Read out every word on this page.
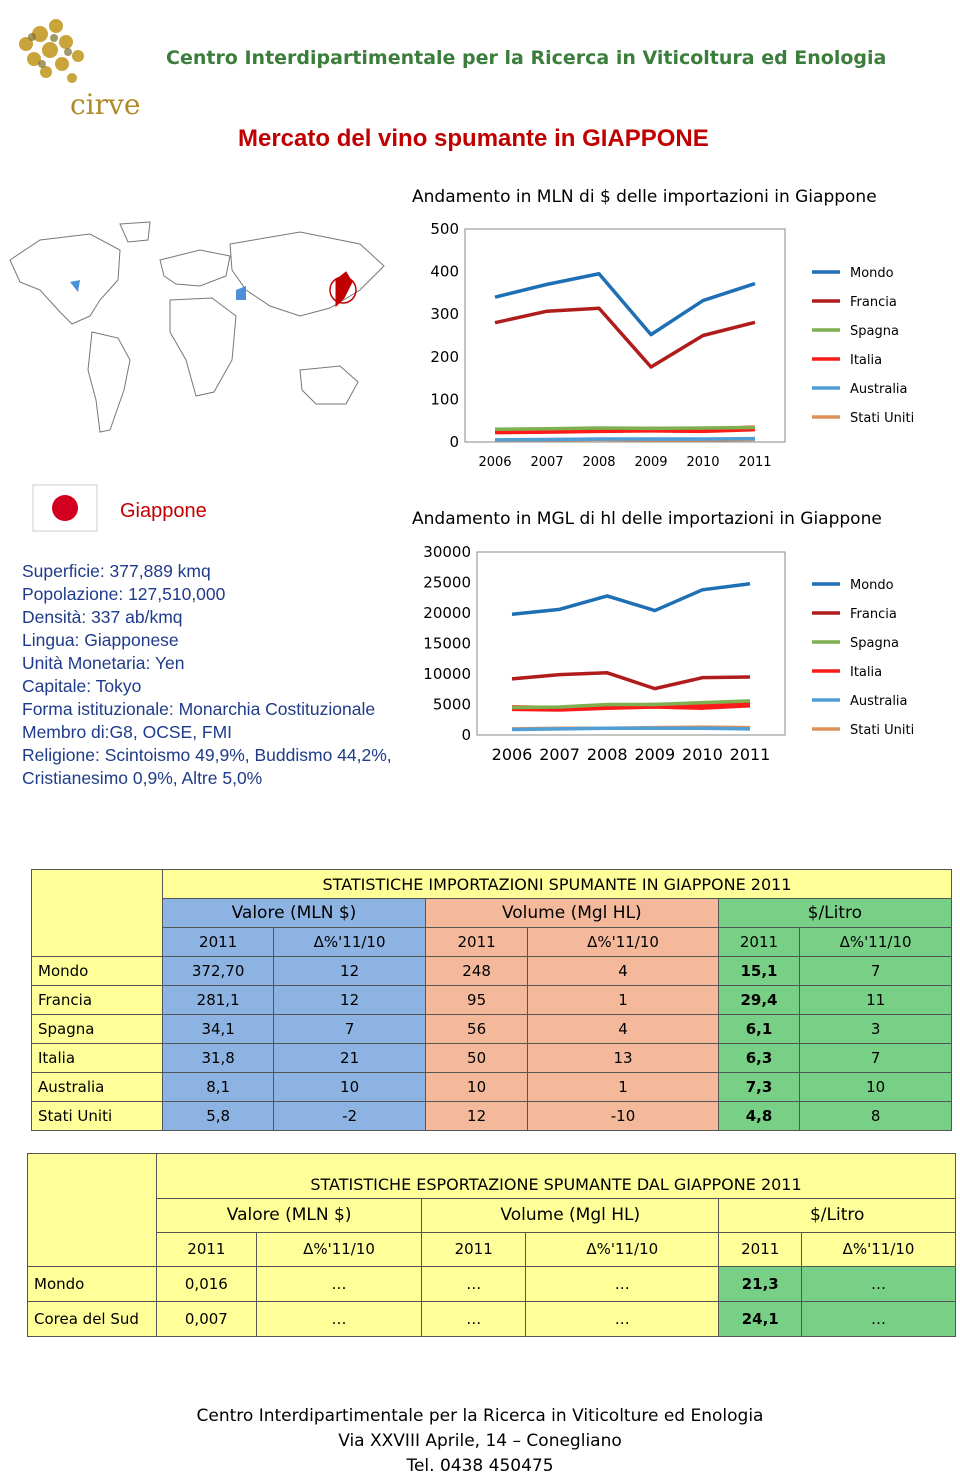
cirve
Centro Interdipartimentale per la Ricerca in Viticoltura ed Enologia
Mercato del vino spumante in GIAPPONE
Andamento in MLN di $ delle importazioni in Giappone
0
100
200
300
400
500
2006 2007 2008 2009 2010 2011
Mondo
Francia
Spagna
Italia
Australia
Stati Uniti
Giappone
Superficie: 377,889 kmq
Popolazione: 127,510,000
Densità: 337 ab/kmq
Lingua: Giapponese
Unità Monetaria: Yen
Capitale: Tokyo
Forma istituzionale: Monarchia Costituzionale
Membro di:G8, OCSE, FMI
Religione: Scintoismo 49,9%, Buddismo 44,2%, Cristianesimo 0,9%, Altre 5,0%
Andamento in MGL di hl delle importazioni in Giappone
0
5000
10000
15000
20000
25000
30000
2006 2007 2008 2009 2010 2011
Mondo
Francia
Spagna
Italia
Australia
Stati Uniti
	STATISTICHE IMPORTAZIONI SPUMANTE IN GIAPPONE 2011					
	Valore (MLN $)		Volume (Mgl HL)		$/Litro	
	2011	Δ%'11/10	2011	Δ%'11/10	2011	Δ%'11/10
Mondo	372,70	12	248	4	15,1	7
Francia	281,1	12	95	1	29,4	11
Spagna	34,1	7	56	4	6,1	3
Italia	31,8	21	50	13	6,3	7
Australia	8,1	10	10	1	7,3	10
Stati Uniti	5,8	-2	12	-10	4,8	8
	STATISTICHE ESPORTAZIONE SPUMANTE DAL GIAPPONE 2011					
	Valore (MLN $)		Volume (Mgl HL)		$/Litro	
	2011	Δ%'11/10	2011	Δ%'11/10	2011	Δ%'11/10
Mondo	0,016	…	…	…	21,3	…
Corea del Sud	0,007	…	…	…	24,1	…
Centro Interdipartimentale per la Ricerca in Viticolture ed Enologia
Via XXVIII Aprile, 14 – Conegliano
Tel. 0438 450475
